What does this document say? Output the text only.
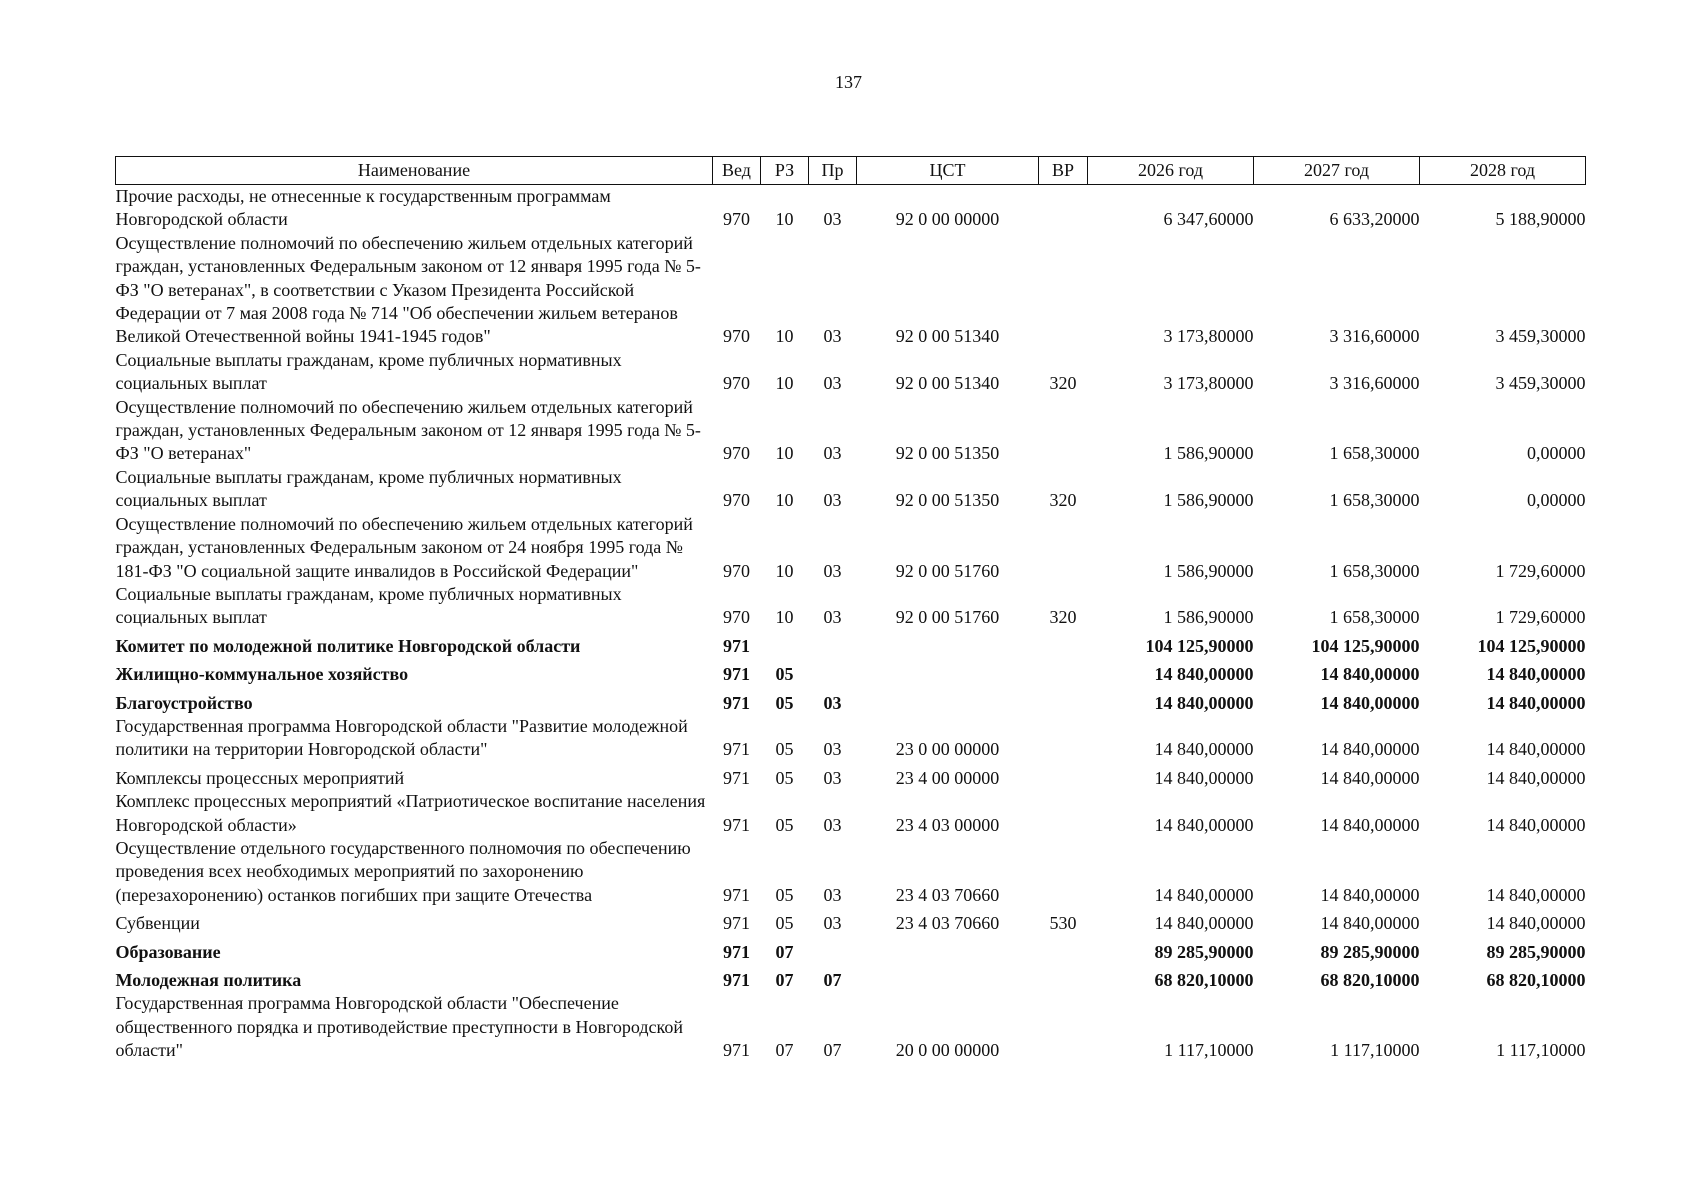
137
Наименование	Вед	РЗ	Пр	ЦСТ	ВР	2026 год	2027 год	2028 год
Прочие расходы, не отнесенные к государственным программам Новгородской области	970	10	03	92 0 00 00000		6 347,60000	6 633,20000	5 188,90000
Осуществление полномочий по обеспечению жильем отдельных категорий граждан, установленных Федеральным законом от 12 января 1995 года № 5-ФЗ "О ветеранах", в соответствии с Указом Президента Российской Федерации от 7 мая 2008 года № 714 "Об обеспечении жильем ветеранов Великой Отечественной войны 1941-1945 годов"	970	10	03	92 0 00 51340		3 173,80000	3 316,60000	3 459,30000
Социальные выплаты гражданам, кроме публичных нормативных социальных выплат	970	10	03	92 0 00 51340	320	3 173,80000	3 316,60000	3 459,30000
Осуществление полномочий по обеспечению жильем отдельных категорий граждан, установленных Федеральным законом от 12 января 1995 года № 5-ФЗ "О ветеранах"	970	10	03	92 0 00 51350		1 586,90000	1 658,30000	0,00000
Социальные выплаты гражданам, кроме публичных нормативных социальных выплат	970	10	03	92 0 00 51350	320	1 586,90000	1 658,30000	0,00000
Осуществление полномочий по обеспечению жильем отдельных категорий граждан, установленных Федеральным законом от 24 ноября 1995 года № 181-ФЗ "О социальной защите инвалидов в Российской Федерации"	970	10	03	92 0 00 51760		1 586,90000	1 658,30000	1 729,60000
Социальные выплаты гражданам, кроме публичных нормативных социальных выплат	970	10	03	92 0 00 51760	320	1 586,90000	1 658,30000	1 729,60000
Комитет по молодежной политике Новгородской области	971					104 125,90000	104 125,90000	104 125,90000
Жилищно-коммунальное хозяйство	971	05				14 840,00000	14 840,00000	14 840,00000
Благоустройство	971	05	03			14 840,00000	14 840,00000	14 840,00000
Государственная программа Новгородской области "Развитие молодежной политики на территории Новгородской области"	971	05	03	23 0 00 00000		14 840,00000	14 840,00000	14 840,00000
Комплексы процессных мероприятий	971	05	03	23 4 00 00000		14 840,00000	14 840,00000	14 840,00000
Комплекс процессных мероприятий «Патриотическое воспитание населения Новгородской области»	971	05	03	23 4 03 00000		14 840,00000	14 840,00000	14 840,00000
Осуществление отдельного государственного полномочия по обеспечению проведения всех необходимых мероприятий по захоронению (перезахоронению) останков погибших при защите Отечества	971	05	03	23 4 03 70660		14 840,00000	14 840,00000	14 840,00000
Субвенции	971	05	03	23 4 03 70660	530	14 840,00000	14 840,00000	14 840,00000
Образование	971	07				89 285,90000	89 285,90000	89 285,90000
Молодежная политика	971	07	07			68 820,10000	68 820,10000	68 820,10000
Государственная программа Новгородской области "Обеспечение общественного порядка и противодействие преступности в Новгородской области"	971	07	07	20 0 00 00000		1 117,10000	1 117,10000	1 117,10000
